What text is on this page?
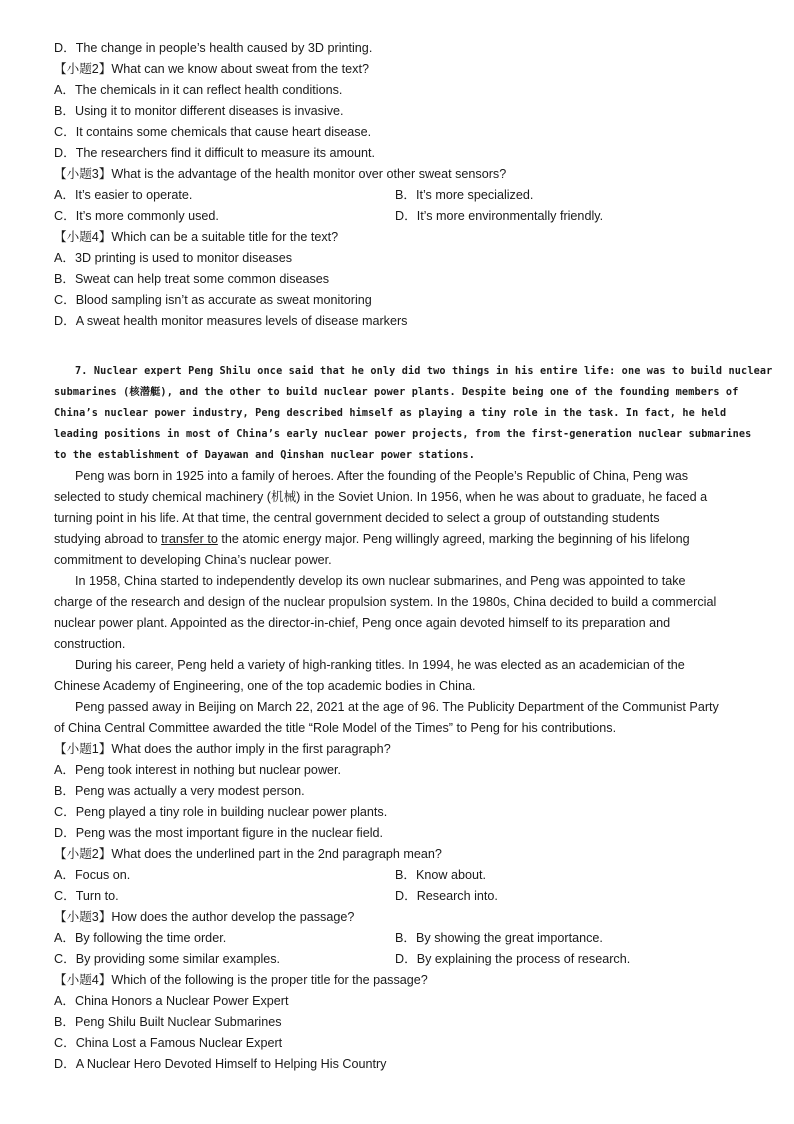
D．The change in people’s health caused by 3D printing.
【小题2】What can we know about sweat from the text?
A．The chemicals in it can reflect health conditions.
B．Using it to monitor different diseases is invasive.
C．It contains some chemicals that cause heart disease.
D．The researchers find it difficult to measure its amount.
【小题3】What is the advantage of the health monitor over other sweat sensors?
A．It’s easier to operate.	B．It’s more specialized.
C．It’s more commonly used.	D．It’s more environmentally friendly.
【小题4】Which can be a suitable title for the text?
A．3D printing is used to monitor diseases
B．Sweat can help treat some common diseases
C．Blood sampling isn’t as accurate as sweat monitoring
D．A sweat health monitor measures levels of disease markers
7. Nuclear expert Peng Shilu once said that he only did two things in his entire life: one was to build nuclear
submarines (核潜艇), and the other to build nuclear power plants. Despite being one of the founding members of
China’s nuclear power industry, Peng described himself as playing a tiny role in the task. In fact, he held
leading positions in most of China’s early nuclear power projects, from the first-generation nuclear submarines
to the establishment of Dayawan and Qinshan nuclear power stations.
Peng was born in 1925 into a family of heroes. After the founding of the People’s Republic of China, Peng was
selected to study chemical machinery (机械) in the Soviet Union. In 1956, when he was about to graduate, he faced a
turning point in his life. At that time, the central government decided to select a group of outstanding students
studying abroad to transfer to the atomic energy major. Peng willingly agreed, marking the beginning of his lifelong
commitment to developing China’s nuclear power.
In 1958, China started to independently develop its own nuclear submarines, and Peng was appointed to take
charge of the research and design of the nuclear propulsion system. In the 1980s, China decided to build a commercial
nuclear power plant. Appointed as the director-in-chief, Peng once again devoted himself to its preparation and
construction.
During his career, Peng held a variety of high-ranking titles. In 1994, he was elected as an academician of the
Chinese Academy of Engineering, one of the top academic bodies in China.
Peng passed away in Beijing on March 22, 2021 at the age of 96. The Publicity Department of the Communist Party
of China Central Committee awarded the title “Role Model of the Times” to Peng for his contributions.
【小题1】What does the author imply in the first paragraph?
A．Peng took interest in nothing but nuclear power.
B．Peng was actually a very modest person.
C．Peng played a tiny role in building nuclear power plants.
D．Peng was the most important figure in the nuclear field.
【小题2】What does the underlined part in the 2nd paragraph mean?
A．Focus on.	B．Know about.
C．Turn to.	D．Research into.
【小题3】How does the author develop the passage?
A．By following the time order.	B．By showing the great importance.
C．By providing some similar examples.	D．By explaining the process of research.
【小题4】Which of the following is the proper title for the passage?
A．China Honors a Nuclear Power Expert
B．Peng Shilu Built Nuclear Submarines
C．China Lost a Famous Nuclear Expert
D．A Nuclear Hero Devoted Himself to Helping His Country
